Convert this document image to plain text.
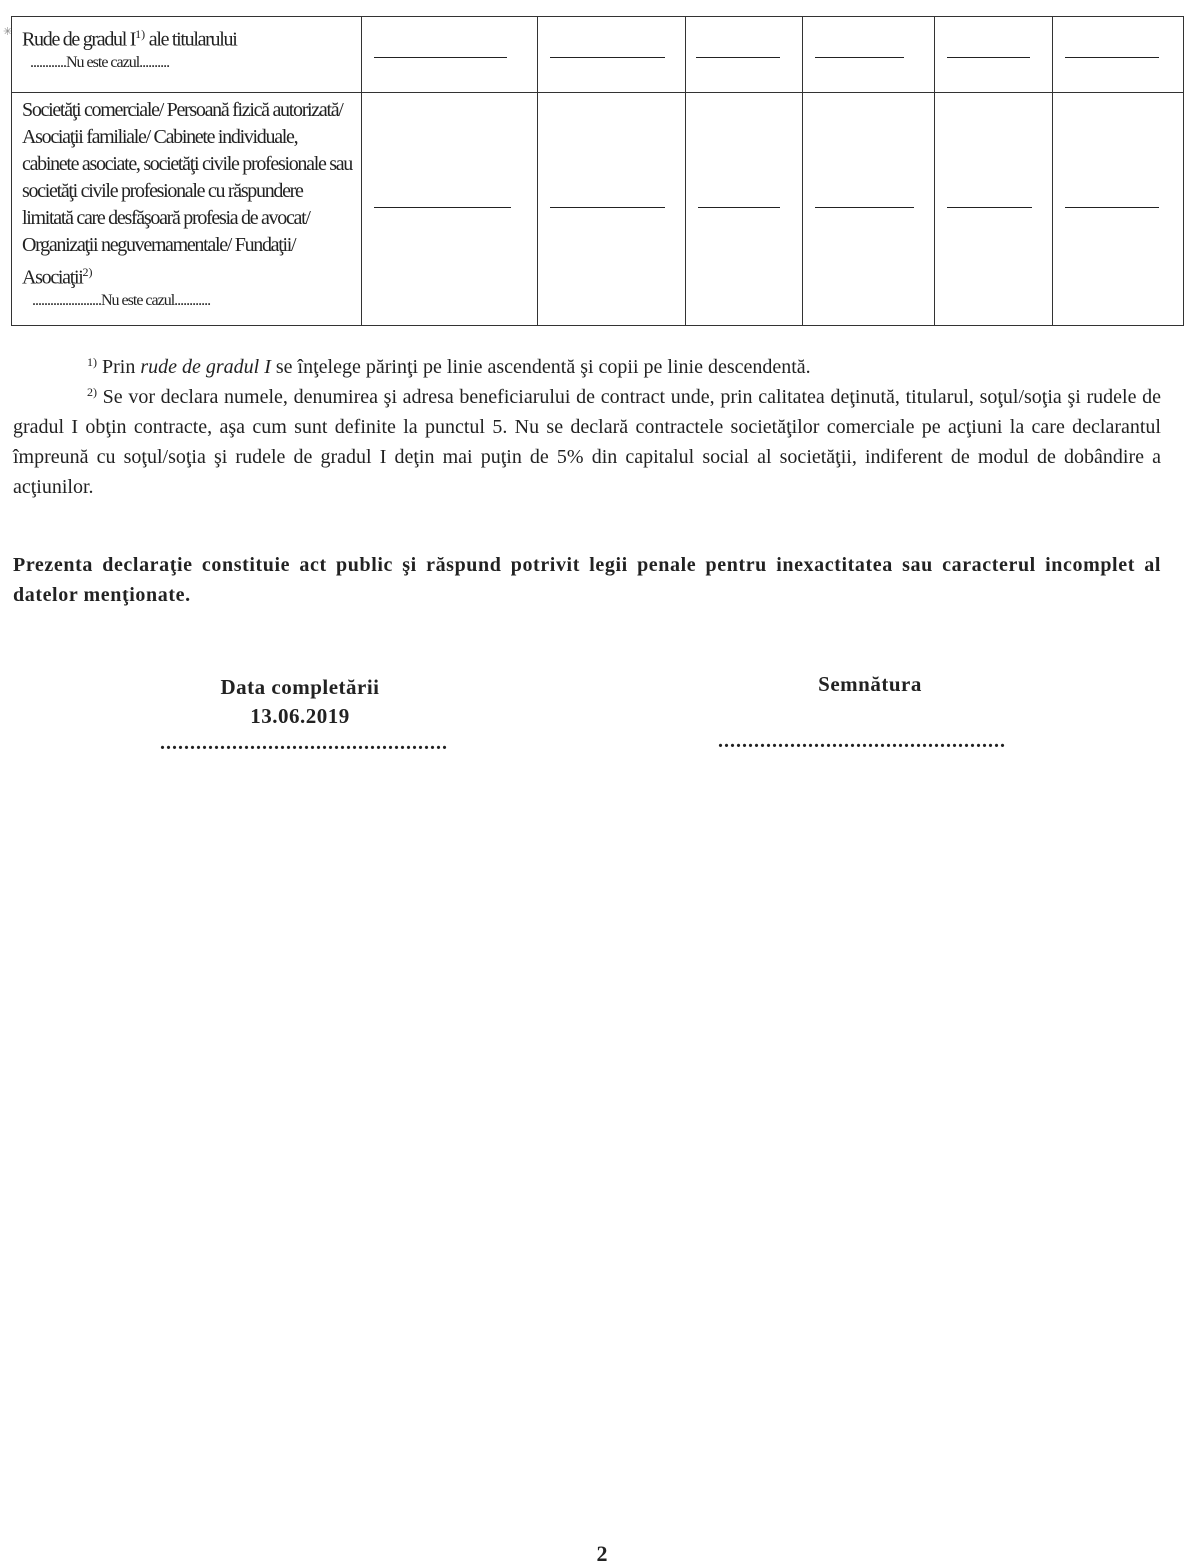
✳ Rude de gradul $I^{1)}$ ale titularului
............Nu este cazul..........						

Societăţi comerciale/ Persoană fizică autorizată/ Asociaţii familiale/ Cabinete individuale, cabinete asociate, societăţi civile profesionale sau societăţi civile profesionale cu răspundere limitată care desfăşoară profesia de avocat/ Organizaţii neguvernamentale/ Fundaţii/ Asociaţii$^{2)}$
.......................Nu este cazul............						

$^{1)}$ Prin rude de gradul I se înţelege părinţi pe linie ascendentă şi copii pe linie descendentă.

$^{2)}$ Se vor declara numele, denumirea şi adresa beneficiarului de contract unde, prin calitatea deţinută, titularul, soţul/soţia şi rudele de gradul I obţin contracte, aşa cum sunt definite la punctul 5. Nu se declară contractele societăţilor comerciale pe acţiuni la care declarantul împreună cu soţul/soţia şi rudele de gradul I deţin mai puţin de 5% din capitalul social al societăţii, indiferent de modul de dobândire a acţiunilor.

Prezenta declaraţie constituie act public şi răspund potrivit legii penale pentru inexactitatea sau caracterul incomplet al datelor menţionate.
Data completării
13.06.2019
................................................
Semnătura
................................................
2
